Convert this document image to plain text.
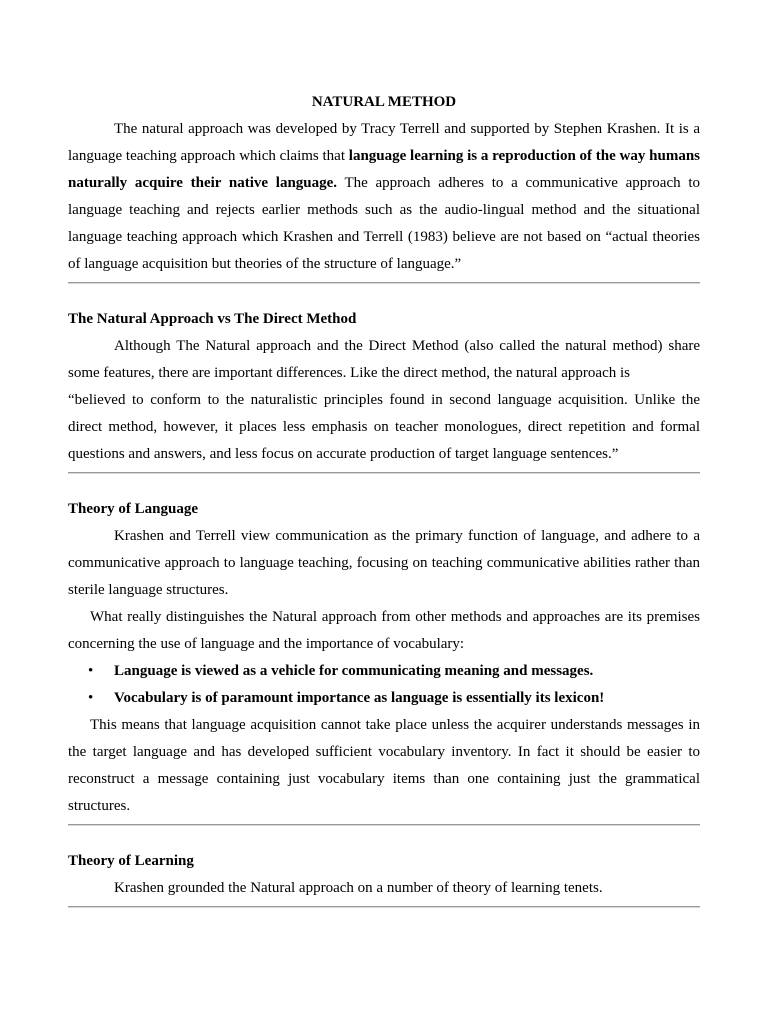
NATURAL METHOD

The natural approach was developed by Tracy Terrell and supported by Stephen Krashen. It is a language teaching approach which claims that language learning is a reproduction of the way humans naturally acquire their native language. The approach adheres to a communicative approach to language teaching and rejects earlier methods such as the audio-lingual method and the situational language teaching approach which Krashen and Terrell (1983) believe are not based on “actual theories of language acquisition but theories of the structure of language.”

The Natural Approach vs The Direct Method

Although The Natural approach and the Direct Method (also called the natural method) share some features, there are important differences. Like the direct method, the natural approach is

“believed to conform to the naturalistic principles found in second language acquisition. Unlike the direct method, however, it places less emphasis on teacher monologues, direct repetition and formal questions and answers, and less focus on accurate production of target language sentences.”

Theory of Language

Krashen and Terrell view communication as the primary function of language, and adhere to a communicative approach to language teaching, focusing on teaching communicative abilities rather than sterile language structures.

What really distinguishes the Natural approach from other methods and approaches are its premises concerning the use of language and the importance of vocabulary:

• Language is viewed as a vehicle for communicating meaning and messages.
• Vocabulary is of paramount importance as language is essentially its lexicon!

This means that language acquisition cannot take place unless the acquirer understands messages in the target language and has developed sufficient vocabulary inventory. In fact it should be easier to reconstruct a message containing just vocabulary items than one containing just the grammatical structures.

Theory of Learning

Krashen grounded the Natural approach on a number of theory of learning tenets.
